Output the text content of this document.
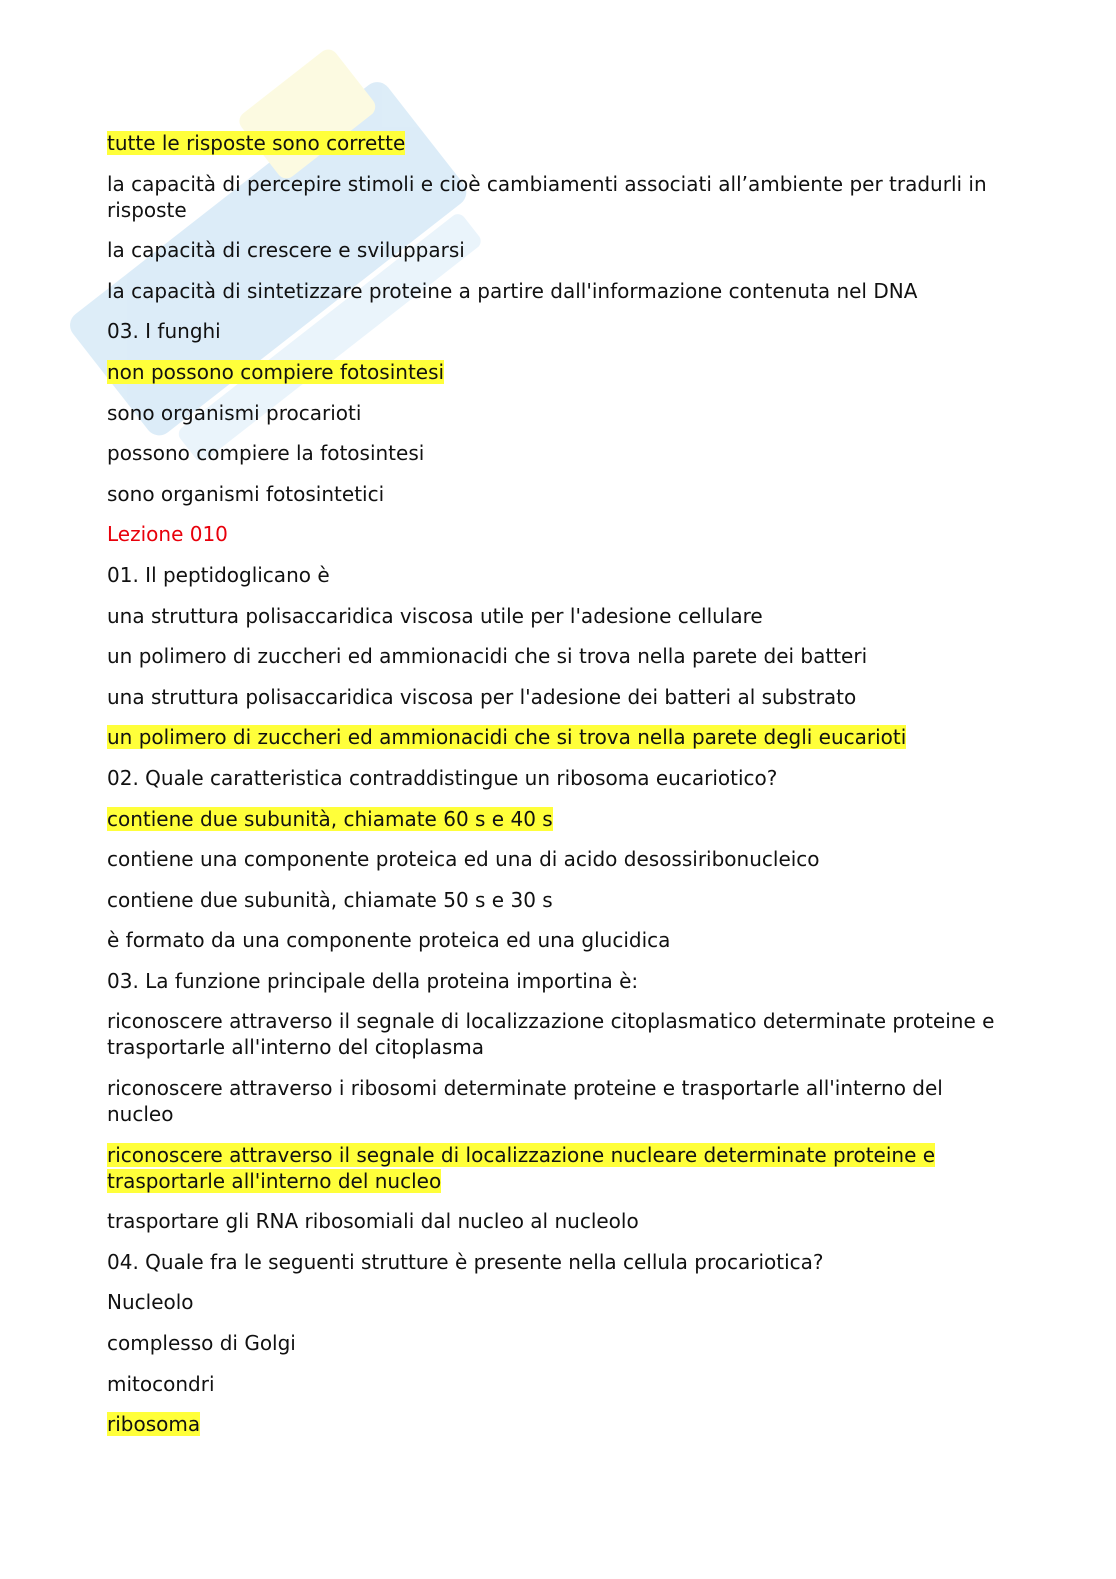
tutte le risposte sono corrette
la capacità di percepire stimoli e cioè cambiamenti associati all’ambiente per tradurli in risposte
la capacità di crescere e svilupparsi
la capacità di sintetizzare proteine a partire dall'informazione contenuta nel DNA
03. I funghi
non possono compiere fotosintesi
sono organismi procarioti
possono compiere la fotosintesi
sono organismi fotosintetici
Lezione 010
01. Il peptidoglicano è
una struttura polisaccaridica viscosa utile per l'adesione cellulare
un polimero di zuccheri ed ammionacidi che si trova nella parete dei batteri
una struttura polisaccaridica viscosa per l'adesione dei batteri al substrato
un polimero di zuccheri ed ammionacidi che si trova nella parete degli eucarioti
02. Quale caratteristica contraddistingue un ribosoma eucariotico?
contiene due subunità, chiamate 60 s e 40 s
contiene una componente proteica ed una di acido desossiribonucleico
contiene due subunità, chiamate 50 s e 30 s
è formato da una componente proteica ed una glucidica
03. La funzione principale della proteina importina è:
riconoscere attraverso il segnale di localizzazione citoplasmatico determinate proteine e trasportarle all'interno del citoplasma
riconoscere attraverso i ribosomi determinate proteine e trasportarle all'interno del nucleo
riconoscere attraverso il segnale di localizzazione nucleare determinate proteine e trasportarle all'interno del nucleo
trasportare gli RNA ribosomiali dal nucleo al nucleolo
04. Quale fra le seguenti strutture è presente nella cellula procariotica?
Nucleolo
complesso di Golgi
mitocondri
ribosoma
